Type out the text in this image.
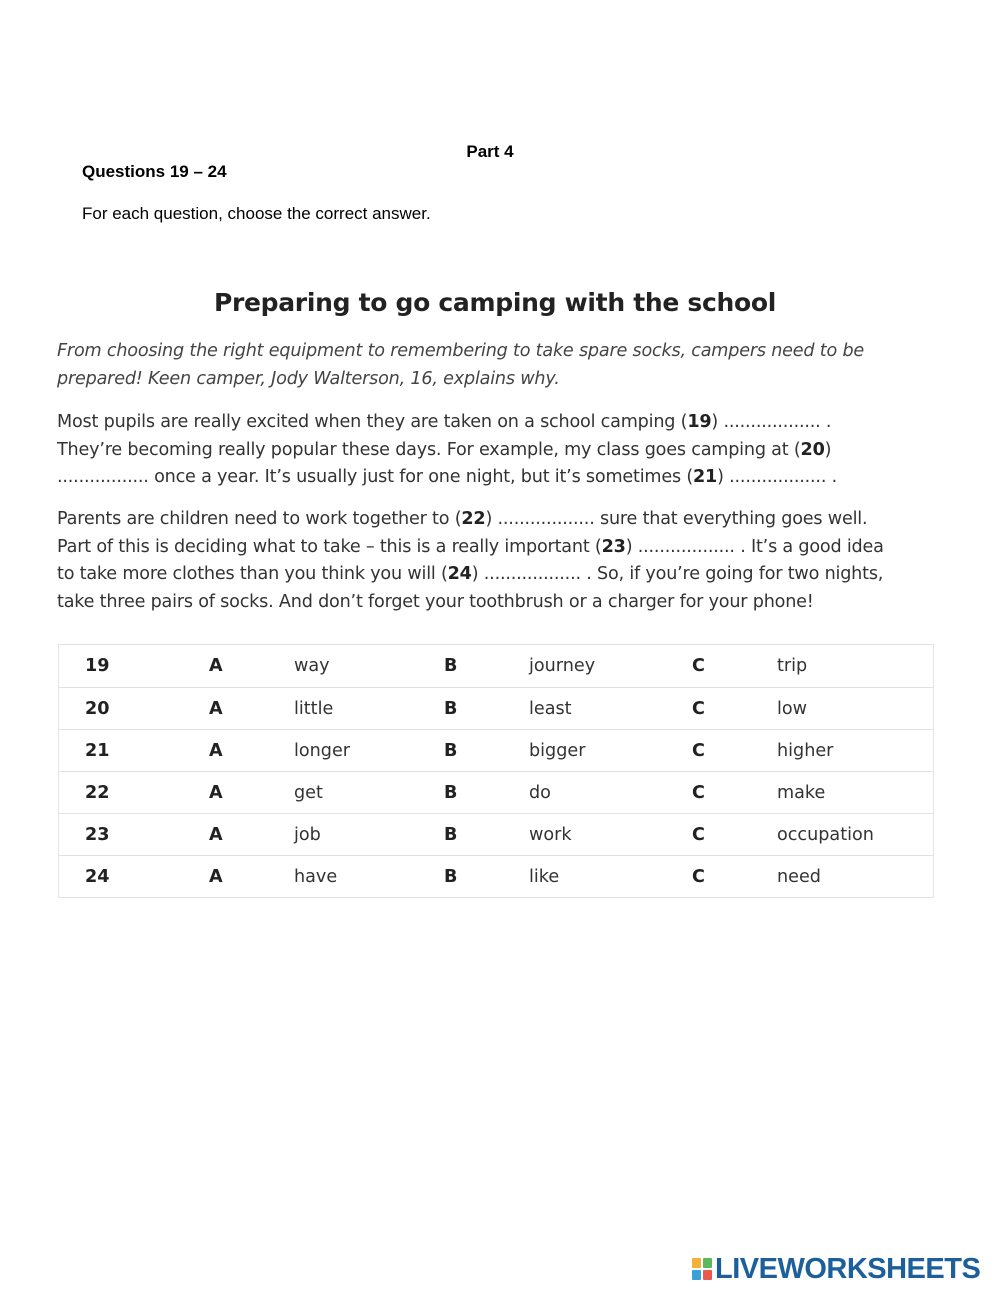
Part 4
Questions 19 – 24
For each question, choose the correct answer.
Preparing to go camping with the school
From choosing the right equipment to remembering to take spare socks, campers need to be
prepared! Keen camper, Jody Walterson, 16, explains why.
Most pupils are really excited when they are taken on a school camping (19) .................. .
They’re becoming really popular these days. For example, my class goes camping at (20)
................. once a year. It’s usually just for one night, but it’s sometimes (21) .................. .
Parents are children need to work together to (22) .................. sure that everything goes well.
Part of this is deciding what to take – this is a really important (23) .................. . It’s a good idea
to take more clothes than you think you will (24) .................. . So, if you’re going for two nights,
take three pairs of socks. And don’t forget your toothbrush or a charger for your phone!
19	A	way	B	journey	C	trip
20	A	little	B	least	C	low
21	A	longer	B	bigger	C	higher
22	A	get	B	do	C	make
23	A	job	B	work	C	occupation
24	A	have	B	like	C	need
LIVEWORKSHEETS
